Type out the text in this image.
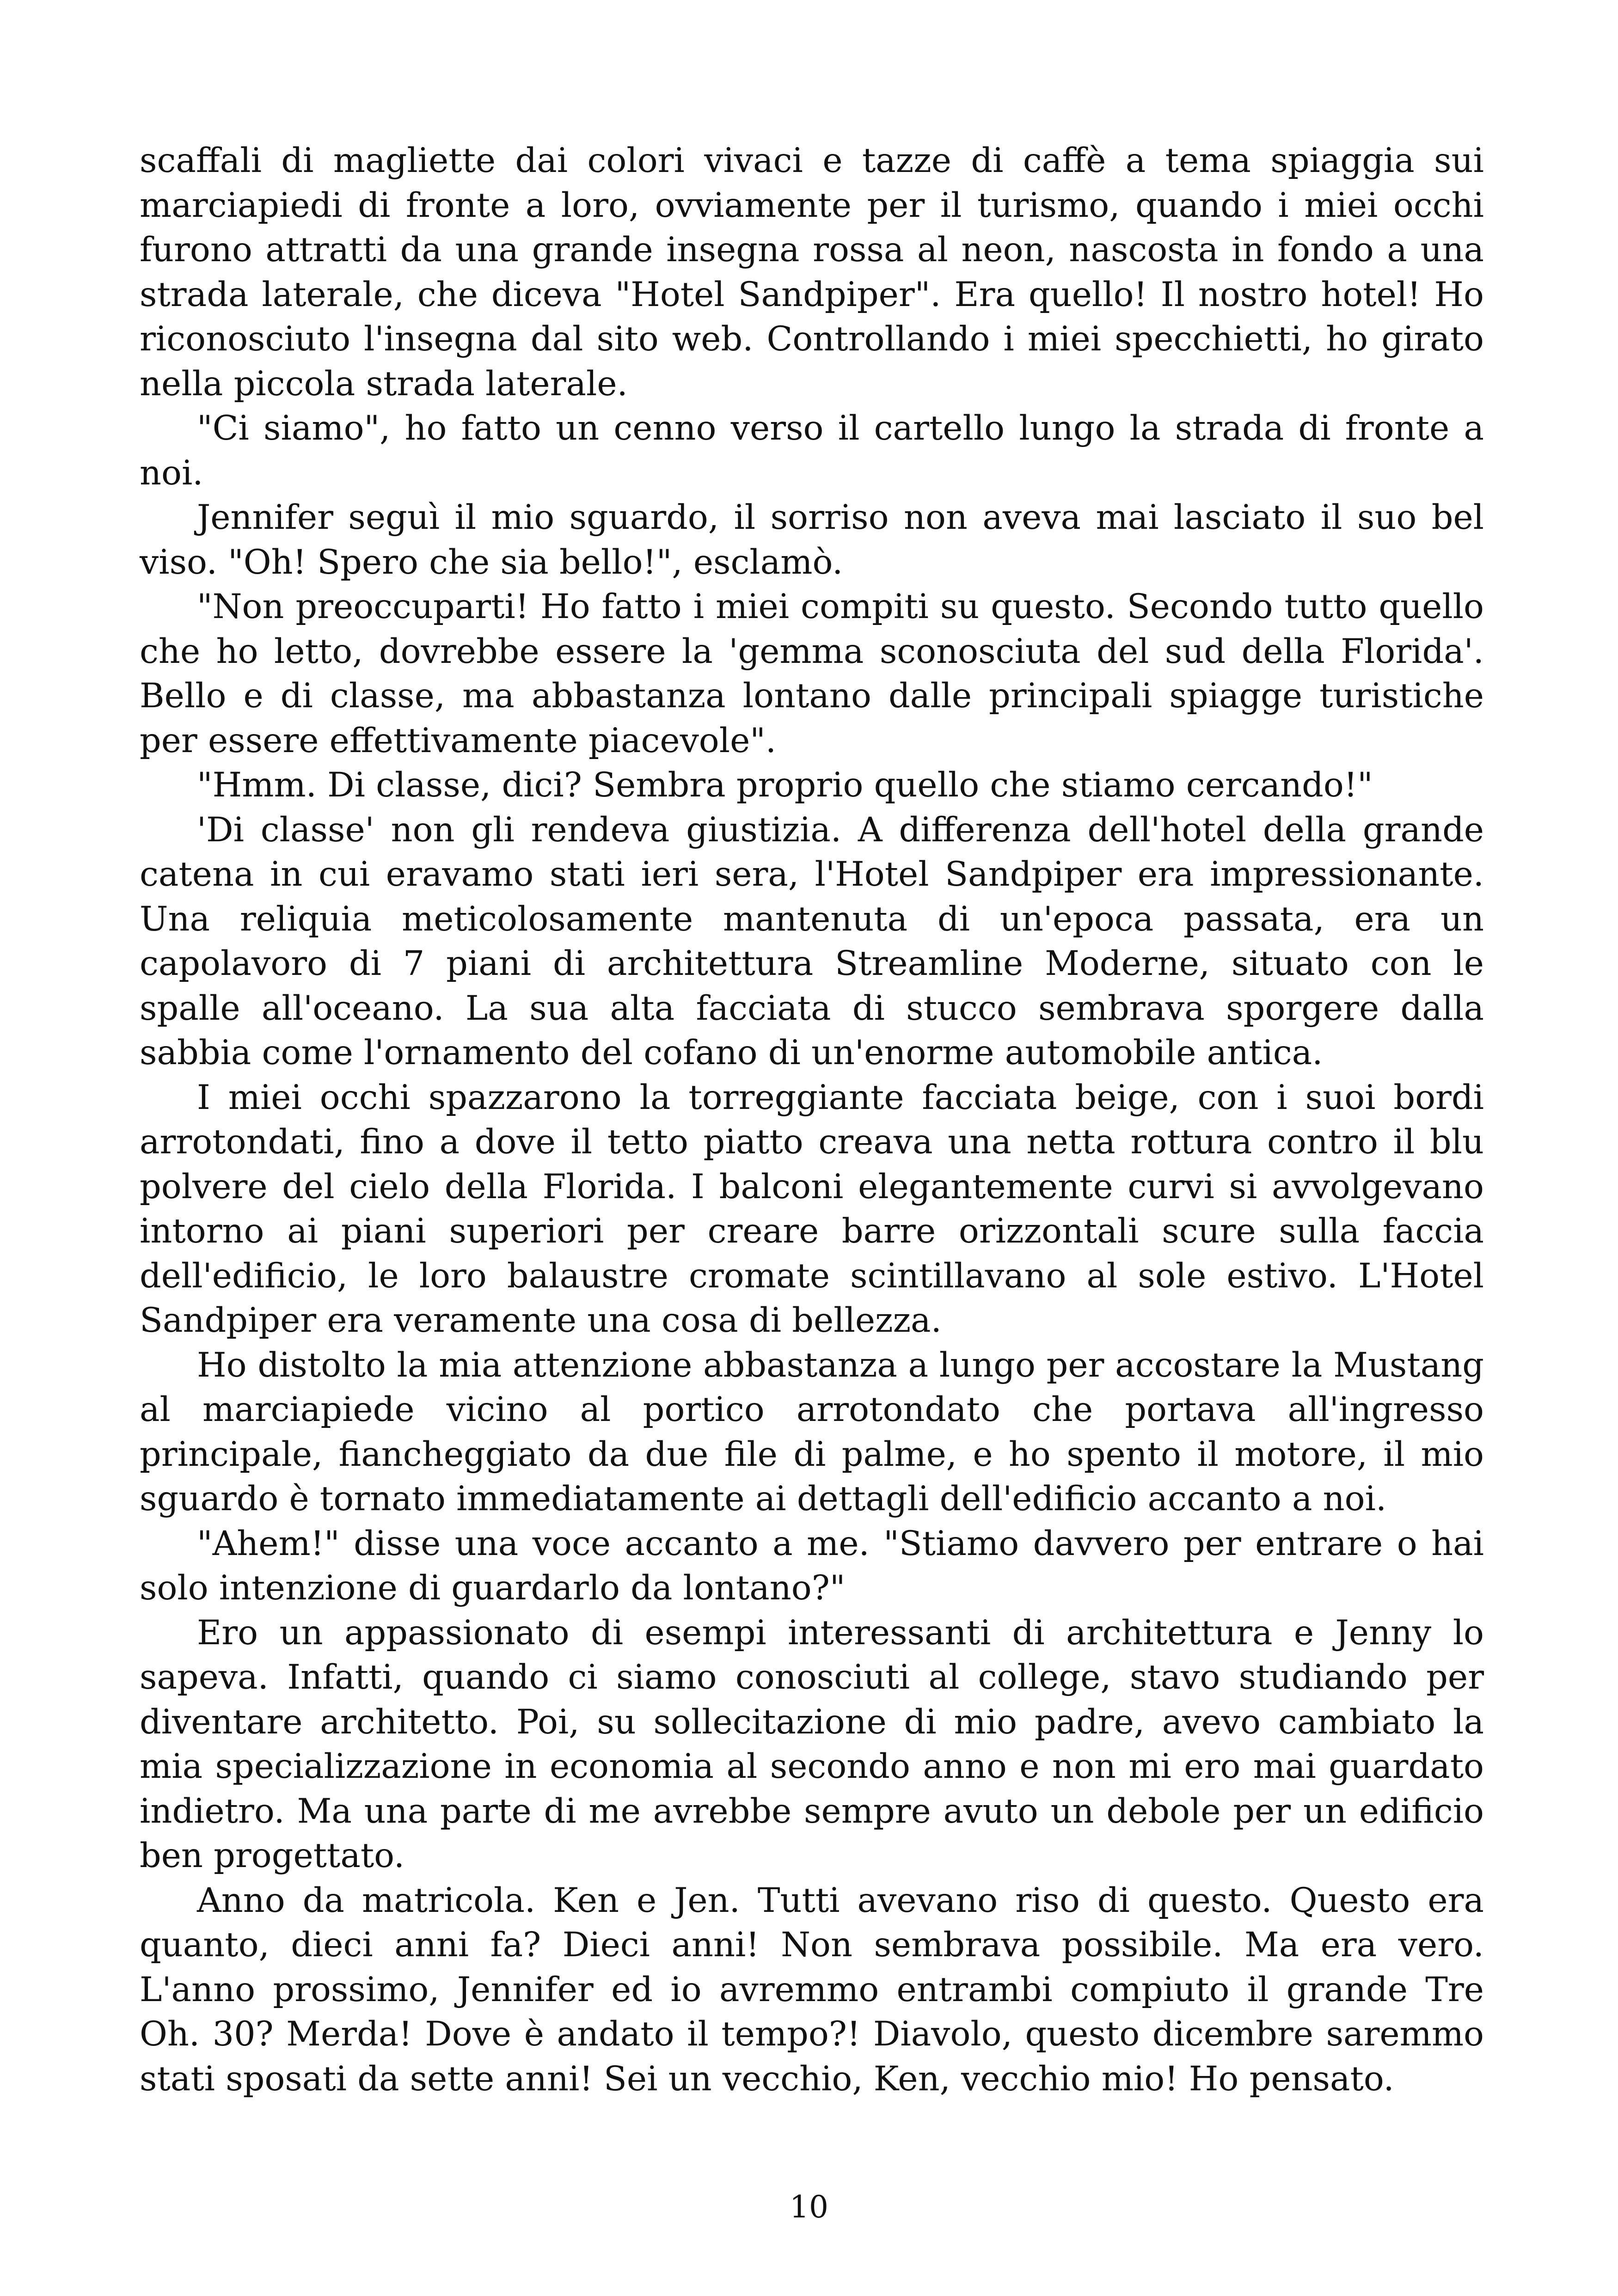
scaffali di magliette dai colori vivaci e tazze di caffè a tema spiaggia sui marciapiedi di fronte a loro, ovviamente per il turismo, quando i miei occhi furono attratti da una grande insegna rossa al neon, nascosta in fondo a una strada laterale, che diceva "Hotel Sandpiper". Era quello! Il nostro hotel! Ho riconosciuto l'insegna dal sito web. Controllando i miei specchietti, ho girato nella piccola strada laterale.

"Ci siamo", ho fatto un cenno verso il cartello lungo la strada di fronte a noi.

Jennifer seguì il mio sguardo, il sorriso non aveva mai lasciato il suo bel viso. "Oh! Spero che sia bello!", esclamò.

"Non preoccuparti! Ho fatto i miei compiti su questo. Secondo tutto quello che ho letto, dovrebbe essere la 'gemma sconosciuta del sud della Florida'. Bello e di classe, ma abbastanza lontano dalle principali spiagge turistiche per essere effettivamente piacevole".

"Hmm. Di classe, dici? Sembra proprio quello che stiamo cercando!"

'Di classe' non gli rendeva giustizia. A differenza dell'hotel della grande catena in cui eravamo stati ieri sera, l'Hotel Sandpiper era impressionante. Una reliquia meticolosamente mantenuta di un'epoca passata, era un capolavoro di 7 piani di architettura Streamline Moderne, situato con le spalle all'oceano. La sua alta facciata di stucco sembrava sporgere dalla sabbia come l'ornamento del cofano di un'enorme automobile antica.

I miei occhi spazzarono la torreggiante facciata beige, con i suoi bordi arrotondati, fino a dove il tetto piatto creava una netta rottura contro il blu polvere del cielo della Florida. I balconi elegantemente curvi si avvolgevano intorno ai piani superiori per creare barre orizzontali scure sulla faccia dell'edificio, le loro balaustre cromate scintillavano al sole estivo. L'Hotel Sandpiper era veramente una cosa di bellezza.

Ho distolto la mia attenzione abbastanza a lungo per accostare la Mustang al marciapiede vicino al portico arrotondato che portava all'ingresso principale, fiancheggiato da due file di palme, e ho spento il motore, il mio sguardo è tornato immediatamente ai dettagli dell'edificio accanto a noi.

"Ahem!" disse una voce accanto a me. "Stiamo davvero per entrare o hai solo intenzione di guardarlo da lontano?"

Ero un appassionato di esempi interessanti di architettura e Jenny lo sapeva. Infatti, quando ci siamo conosciuti al college, stavo studiando per diventare architetto. Poi, su sollecitazione di mio padre, avevo cambiato la mia specializzazione in economia al secondo anno e non mi ero mai guardato indietro. Ma una parte di me avrebbe sempre avuto un debole per un edificio ben progettato.

Anno da matricola. Ken e Jen. Tutti avevano riso di questo. Questo era quanto, dieci anni fa? Dieci anni! Non sembrava possibile. Ma era vero. L'anno prossimo, Jennifer ed io avremmo entrambi compiuto il grande Tre Oh. 30? Merda! Dove è andato il tempo?! Diavolo, questo dicembre saremmo stati sposati da sette anni! Sei un vecchio, Ken, vecchio mio! Ho pensato.

10
